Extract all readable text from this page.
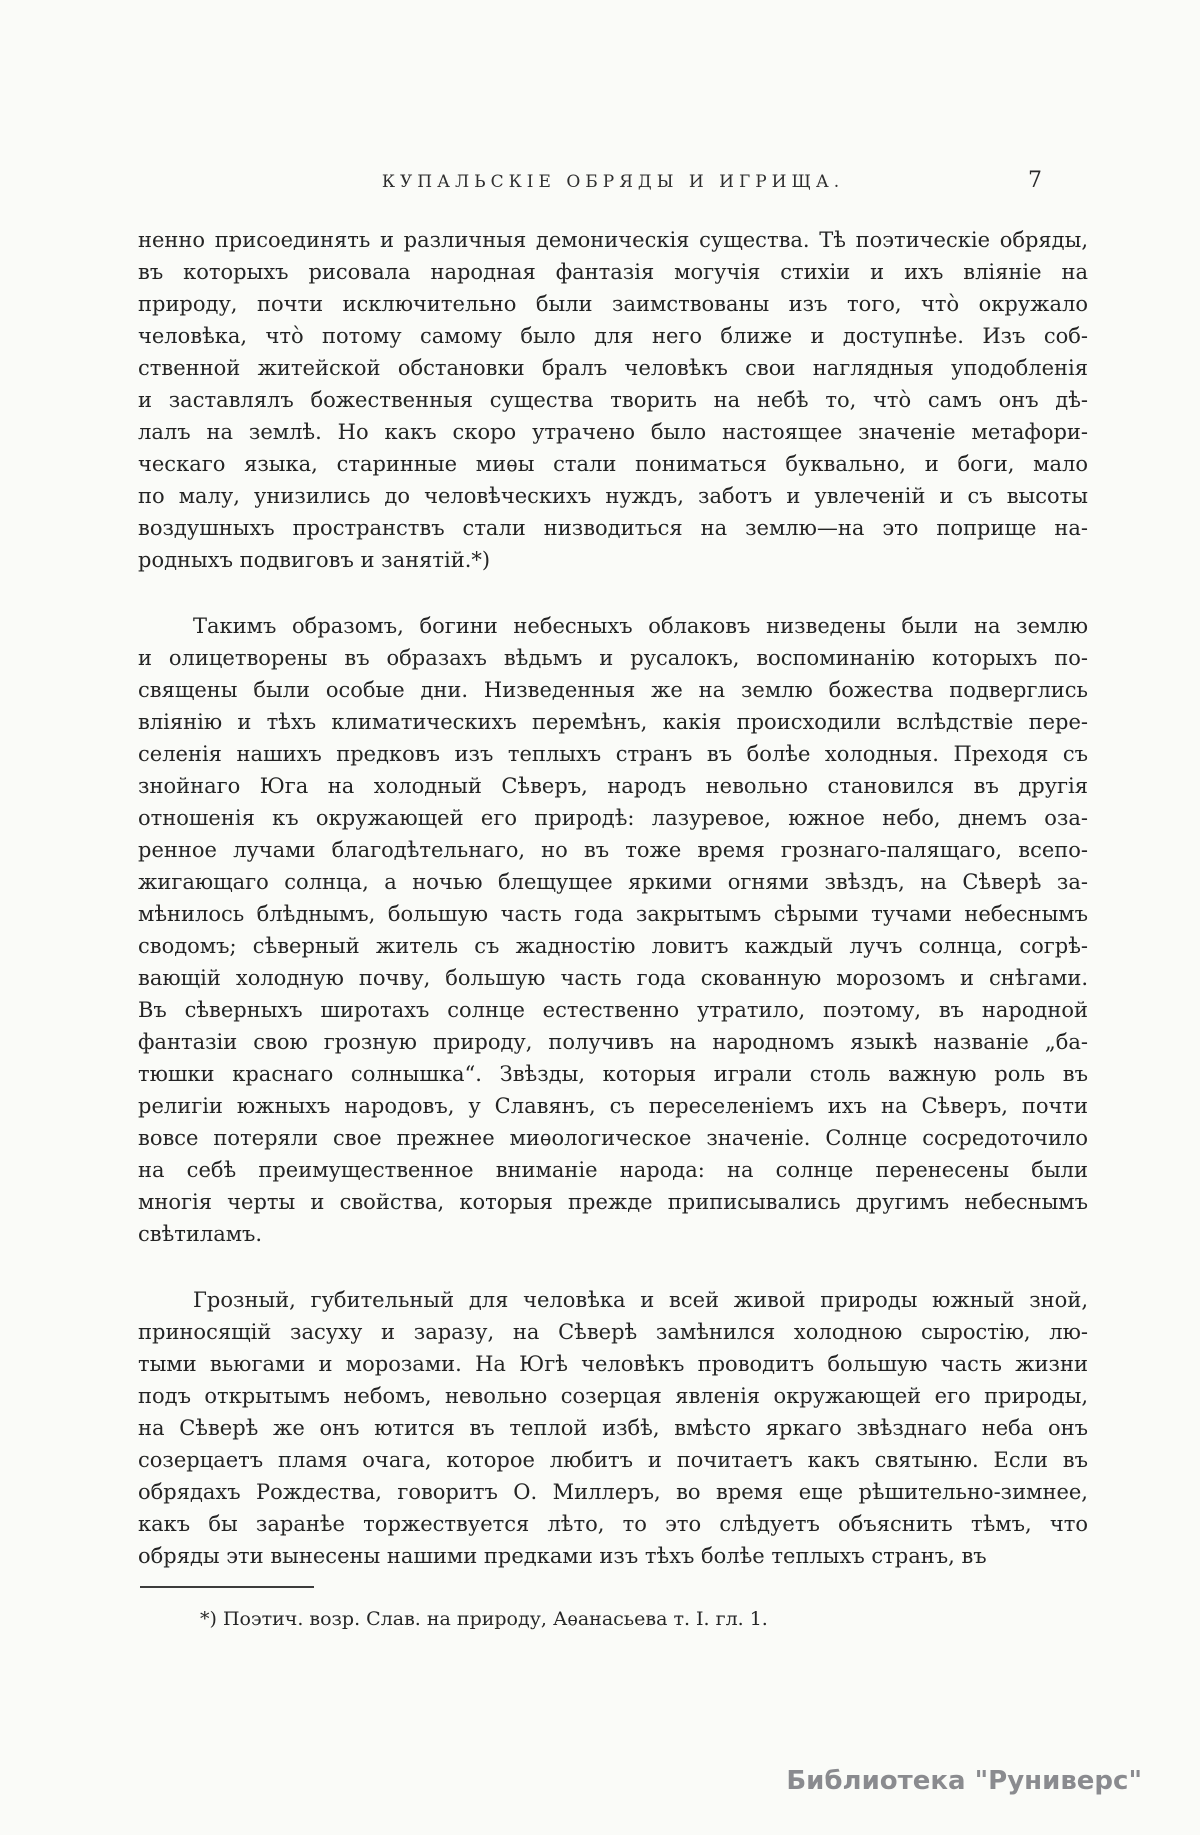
КУПАЛЬСКІЕ ОБРЯДЫ И ИГРИЩА.	7
ненно присоединять и различныя демоническія существа. Тѣ поэтическіе обряды,
въ которыхъ рисовала народная фантазія могучія стихіи и ихъ вліяніе на
природу, почти исключительно были заимствованы изъ того, что̀ окружало
человѣка, что̀ потому самому было для него ближе и доступнѣе. Изъ соб-
ственной житейской обстановки бралъ человѣкъ свои наглядныя уподобленія
и заставлялъ божественныя существа творить на небѣ то, что̀ самъ онъ дѣ-
лалъ на землѣ. Но какъ скоро утрачено было настоящее значеніе метафори-
ческаго языка, старинные миѳы стали пониматься буквально, и боги, мало
по малу, унизились до человѣческихъ нуждъ, заботъ и увлеченій и съ высоты
воздушныхъ пространствъ стали низводиться на землю—на это поприще на-
родныхъ подвиговъ и занятій.*)
Такимъ образомъ, богини небесныхъ облаковъ низведены были на землю
и олицетворены въ образахъ вѣдьмъ и русалокъ, воспоминанію которыхъ по-
священы были особые дни. Низведенныя же на землю божества подверглись
вліянію и тѣхъ климатическихъ перемѣнъ, какія происходили вслѣдствіе пере-
селенія нашихъ предковъ изъ теплыхъ странъ въ болѣе холодныя. Преходя съ
знойнаго Юга на холодный Сѣверъ, народъ невольно становился въ другія
отношенія къ окружающей его природѣ: лазуревое, южное небо, днемъ оза-
ренное лучами благодѣтельнаго, но въ тоже время грознаго-палящаго, всепо-
жигающаго солнца, а ночью блещущее яркими огнями звѣздъ, на Сѣверѣ за-
мѣнилось блѣднымъ, большую часть года закрытымъ сѣрыми тучами небеснымъ
сводомъ; сѣверный житель съ жадностію ловитъ каждый лучъ солнца, согрѣ-
вающій холодную почву, большую часть года скованную морозомъ и снѣгами.
Въ сѣверныхъ широтахъ солнце естественно утратило, поэтому, въ народной
фантазіи свою грозную природу, получивъ на народномъ языкѣ названіе „ба-
тюшки краснаго солнышка“. Звѣзды, которыя играли столь важную роль въ
религіи южныхъ народовъ, у Славянъ, съ переселеніемъ ихъ на Сѣверъ, почти
вовсе потеряли свое прежнее миѳологическое значеніе. Солнце сосредоточило
на себѣ преимущественное вниманіе народа: на солнце перенесены были
многія черты и свойства, которыя прежде приписывались другимъ небеснымъ
свѣтиламъ.
Грозный, губительный для человѣка и всей живой природы южный зной,
приносящій засуху и заразу, на Сѣверѣ замѣнился холодною сыростію, лю-
тыми вьюгами и морозами. На Югѣ человѣкъ проводитъ большую часть жизни
подъ открытымъ небомъ, невольно созерцая явленія окружающей его природы,
на Сѣверѣ же онъ ютится въ теплой избѣ, вмѣсто яркаго звѣзднаго неба онъ
созерцаетъ пламя очага, которое любитъ и почитаетъ какъ святыню. Если въ
обрядахъ Рождества, говоритъ О. Миллеръ, во время еще рѣшительно-зимнее,
какъ бы заранѣе торжествуется лѣто, то это слѣдуетъ объяснить тѣмъ, что
обряды эти вынесены нашими предками изъ тѣхъ болѣе теплыхъ странъ, въ
*) Поэтич. возр. Слав. на природу, Аѳанасьева т. I. гл. 1.
Библиотека "Руниверс"
